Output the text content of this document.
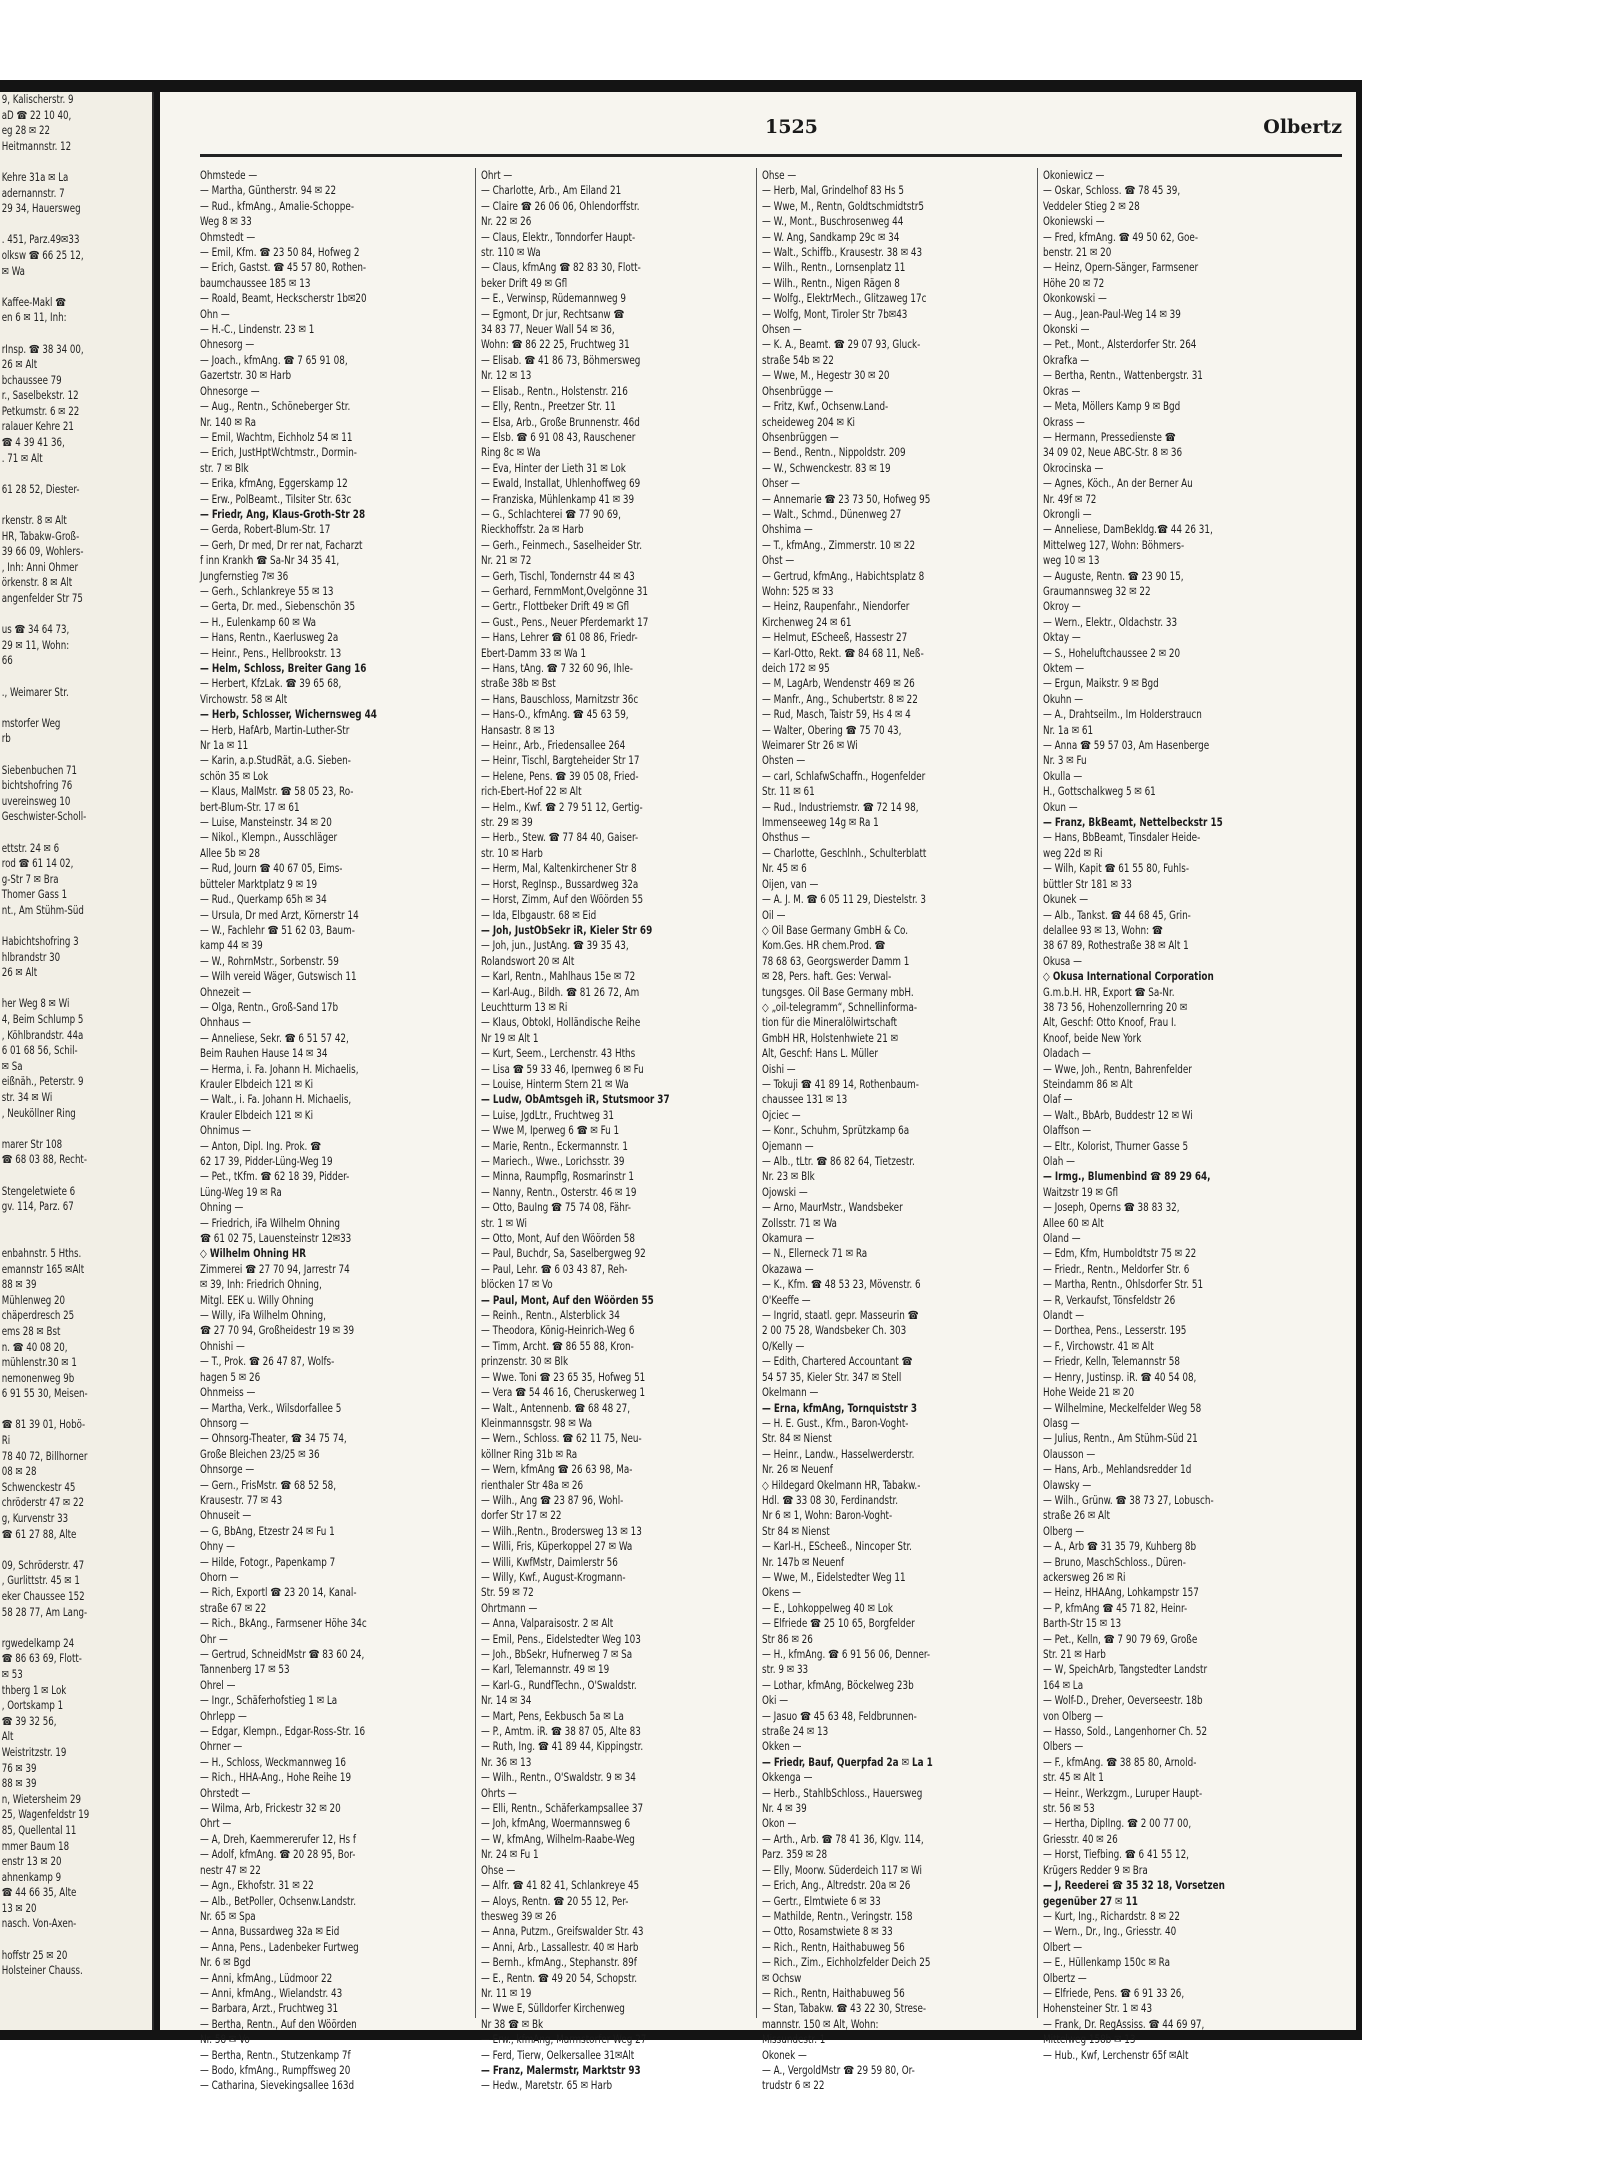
9, Kalischerstr. 9
aD ☎ 22 10 40,
eg 28 ✉ 22
Heitmannstr. 12

Kehre 31a ✉ La
adernannstr. 7
29 34, Hauersweg

. 451, Parz.49✉33
olksw ☎ 66 25 12,
✉ Wa

Kaffee-Makl ☎
en 6 ✉ 11, Inh:

rInsp. ☎ 38 34 00,
26 ✉ Alt
bchaussee 79
r., Saselbekstr. 12
Petkumstr. 6 ✉ 22
ralauer Kehre 21
☎ 4 39 41 36,
. 71 ✉ Alt

61 28 52, Diester-

rkenstr. 8 ✉ Alt
HR, Tabakw-Groß-
39 66 09, Wohlers-
, Inh: Anni Ohmer
örkenstr. 8 ✉ Alt
angenfelder Str 75

us ☎ 34 64 73,
29 ✉ 11, Wohn:
66

., Weimarer Str.

mstorfer Weg
rb

Siebenbuchen 71
bichtshofring 76
uvereinsweg 10
Geschwister-Scholl-

ettstr. 24 ✉ 6
rod ☎ 61 14 02,
g-Str 7 ✉ Bra
Thomer Gass 1
nt., Am Stühm-Süd

Habichtshofring 3
hlbrandstr 30
26 ✉ Alt

her Weg 8 ✉ Wi
4, Beim Schlump 5
, Köhlbrandstr. 44a
6 01 68 56, Schil-
✉ Sa
eißnäh., Peterstr. 9
str. 34 ✉ Wi
, Neuköllner Ring

marer Str 108
☎ 68 03 88, Recht-

Stengeletwiete 6
gv. 114, Parz. 67

enbahnstr. 5 Hths.
emannstr 165 ✉Alt
88 ✉ 39
Mühlenweg 20
chäperdresch 25
ems 28 ✉ Bst
n. ☎ 40 08 20,
mühlenstr.30 ✉ 1
nemonenweg 9b
6 91 55 30, Meisen-

☎ 81 39 01, Hobö-
Ri
78 40 72, Billhorner
08 ✉ 28
Schwenckestr 45
chröderstr 47 ✉ 22
g, Kurvenstr 33
☎ 61 27 88, Alte

09, Schröderstr. 47
, Gurlittstr. 45 ✉ 1
eker Chaussee 152
58 28 77, Am Lang-

rgwedelkamp 24
☎ 86 63 69, Flott-
✉ 53
thberg 1 ✉ Lok
, Oortskamp 1
☎ 39 32 56,
Alt
Weistritzstr. 19
76 ✉ 39
88 ✉ 39
n, Wietersheim 29
25, Wagenfeldstr 19
85, Quellental 11
mmer Baum 18
enstr 13 ✉ 20
ahnenkamp 9
☎ 44 66 35, Alte
13 ✉ 20
nasch. Von-Axen-

hoffstr 25 ✉ 20
Holsteiner Chauss.
1525	Olbertz
Ohmstede —
— Martha, Güntherstr. 94 ✉ 22
— Rud., kfmAng., Amalie-Schoppe-
Weg 8 ✉ 33
Ohmstedt —
— Emil, Kfm. ☎ 23 50 84, Hofweg 2
— Erich, Gastst. ☎ 45 57 80, Rothen-
baumchaussee 185 ✉ 13
— Roald, Beamt, Heckscherstr 1b✉20
Ohn —
— H.-C., Lindenstr. 23 ✉ 1
Ohnesorg —
— Joach., kfmAng. ☎ 7 65 91 08,
Gazertstr. 30 ✉ Harb
Ohnesorge —
— Aug., Rentn., Schöneberger Str.
Nr. 140 ✉ Ra
— Emil, Wachtm, Eichholz 54 ✉ 11
— Erich, JustHptWchtmstr., Dormin-
str. 7 ✉ Blk
— Erika, kfmAng, Eggerskamp 12
— Erw., PolBeamt., Tilsiter Str. 63c
— Friedr, Ang, Klaus-Groth-Str 28
— Gerda, Robert-Blum-Str. 17
— Gerh, Dr med, Dr rer nat, Facharzt
f inn Krankh ☎ Sa-Nr 34 35 41,
Jungfernstieg 7✉ 36
— Gerh., Schlankreye 55 ✉ 13
— Gerta, Dr. med., Siebenschön 35
— H., Eulenkamp 60 ✉ Wa
— Hans, Rentn., Kaerlusweg 2a
— Heinr., Pens., Hellbrookstr. 13
— Helm, Schloss, Breiter Gang 16
— Herbert, KfzLak. ☎ 39 65 68,
Virchowstr. 58 ✉ Alt
— Herb, Schlosser, Wichernsweg 44
— Herb, HafArb, Martin-Luther-Str
Nr 1a ✉ 11
— Karin, a.p.StudRät, a.G. Sieben-
schön 35 ✉ Lok
— Klaus, MalMstr. ☎ 58 05 23, Ro-
bert-Blum-Str. 17 ✉ 61
— Luise, Mansteinstr. 34 ✉ 20
— Nikol., Klempn., Ausschläger
Allee 5b ✉ 28
— Rud, Journ ☎ 40 67 05, Eims-
bütteler Marktplatz 9 ✉ 19
— Rud., Querkamp 65h ✉ 34
— Ursula, Dr med Arzt, Körnerstr 14
— W., Fachlehr ☎ 51 62 03, Baum-
kamp 44 ✉ 39
— W., RohrnMstr., Sorbenstr. 59
— Wilh vereid Wäger, Gutswisch 11
Ohnezeit —
— Olga, Rentn., Groß-Sand 17b
Ohnhaus —
— Anneliese, Sekr. ☎ 6 51 57 42,
Beim Rauhen Hause 14 ✉ 34
— Herma, i. Fa. Johann H. Michaelis,
Krauler Elbdeich 121 ✉ Ki
— Walt., i. Fa. Johann H. Michaelis,
Krauler Elbdeich 121 ✉ Ki
Ohnimus —
— Anton, Dipl. Ing. Prok. ☎
62 17 39, Pidder-Lüng-Weg 19
— Pet., tKfm. ☎ 62 18 39, Pidder-
Lüng-Weg 19 ✉ Ra
Ohning —
— Friedrich, iFa Wilhelm Ohning
☎ 61 02 75, Lauensteinstr 12✉33
◇ Wilhelm Ohning HR
Zimmerei ☎ 27 70 94, Jarrestr 74
✉ 39, Inh: Friedrich Ohning,
Mitgl. EEK u. Willy Ohning
— Willy, iFa Wilhelm Ohning,
☎ 27 70 94, Großheidestr 19 ✉ 39
Ohnishi —
— T., Prok. ☎ 26 47 87, Wolfs-
hagen 5 ✉ 26
Ohnmeiss —
— Martha, Verk., Wilsdorfallee 5
Ohnsorg —
— Ohnsorg-Theater, ☎ 34 75 74,
Große Bleichen 23/25 ✉ 36
Ohnsorge —
— Gern., FrisMstr. ☎ 68 52 58,
Krausestr. 77 ✉ 43
Ohnuseit —
— G, BbAng, Etzestr 24 ✉ Fu 1
Ohny —
— Hilde, Fotogr., Papenkamp 7
Ohorn —
— Rich, Exportl ☎ 23 20 14, Kanal-
straße 67 ✉ 22
— Rich., BkAng., Farmsener Höhe 34c
Ohr —
— Gertrud, SchneidMstr ☎ 83 60 24,
Tannenberg 17 ✉ 53
Ohrel —
— Ingr., Schäferhofstieg 1 ✉ La
Ohrlepp —
— Edgar, Klempn., Edgar-Ross-Str. 16
Ohrner —
— H., Schloss, Weckmannweg 16
— Rich., HHA-Ang., Hohe Reihe 19
Ohrstedt —
— Wilma, Arb, Frickestr 32 ✉ 20
Ohrt —
— A, Dreh, Kaemmererufer 12, Hs f
— Adolf, kfmAng. ☎ 20 28 95, Bor-
nestr 47 ✉ 22
— Agn., Ekhofstr. 31 ✉ 22
— Alb., BetPoller, Ochsenw.Landstr.
Nr. 65 ✉ Spa
— Anna, Bussardweg 32a ✉ Eid
— Anna, Pens., Ladenbeker Furtweg
Nr. 6 ✉ Bgd
— Anni, kfmAng., Lüdmoor 22
— Anni, kfmAng., Wielandstr. 43
— Barbara, Arzt., Fruchtweg 31
— Bertha, Rentn., Auf den Wöörden
Nr. 58 ✉ Vo
— Bertha, Rentn., Stutzenkamp 7f
— Bodo, kfmAng., Rumpffsweg 20
— Catharina, Sievekingsallee 163d
Ohrt —
— Charlotte, Arb., Am Eiland 21
— Claire ☎ 26 06 06, Ohlendorffstr.
Nr. 22 ✉ 26
— Claus, Elektr., Tonndorfer Haupt-
str. 110 ✉ Wa
— Claus, kfmAng ☎ 82 83 30, Flott-
beker Drift 49 ✉ Gfl
— E., Verwinsp, Rüdemannweg 9
— Egmont, Dr jur, Rechtsanw ☎
34 83 77, Neuer Wall 54 ✉ 36,
Wohn: ☎ 86 22 25, Fruchtweg 31
— Elisab. ☎ 41 86 73, Böhmersweg
Nr. 12 ✉ 13
— Elisab., Rentn., Holstenstr. 216
— Elly, Rentn., Preetzer Str. 11
— Elsa, Arb., Große Brunnenstr. 46d
— Elsb. ☎ 6 91 08 43, Rauschener
Ring 8c ✉ Wa
— Eva, Hinter der Lieth 31 ✉ Lok
— Ewald, Installat, Uhlenhoffweg 69
— Franziska, Mühlenkamp 41 ✉ 39
— G., Schlachterei ☎ 77 90 69,
Rieckhoffstr. 2a ✉ Harb
— Gerh., Feinmech., Saselheider Str.
Nr. 21 ✉ 72
— Gerh, Tischl, Tondernstr 44 ✉ 43
— Gerhard, FernmMont,Ovelgönne 31
— Gertr., Flottbeker Drift 49 ✉ Gfl
— Gust., Pens., Neuer Pferdemarkt 17
— Hans, Lehrer ☎ 61 08 86, Friedr-
Ebert-Damm 33 ✉ Wa 1
— Hans, tAng. ☎ 7 32 60 96, Ihle-
straße 38b ✉ Bst
— Hans, Bauschloss, Marnitzstr 36c
— Hans-O., kfmAng. ☎ 45 63 59,
Hansastr. 8 ✉ 13
— Heinr., Arb., Friedensallee 264
— Heinr, Tischl, Bargteheider Str 17
— Helene, Pens. ☎ 39 05 08, Fried-
rich-Ebert-Hof 22 ✉ Alt
— Helm., Kwf. ☎ 2 79 51 12, Gertig-
str. 29 ✉ 39
— Herb., Stew. ☎ 77 84 40, Gaiser-
str. 10 ✉ Harb
— Herm, Mal, Kaltenkirchener Str 8
— Horst, RegInsp., Bussardweg 32a
— Horst, Zimm, Auf den Wöörden 55
— Ida, Elbgaustr. 68 ✉ Eid
— Joh, JustObSekr iR, Kieler Str 69
— Joh, jun., JustAng. ☎ 39 35 43,
Rolandswort 20 ✉ Alt
— Karl, Rentn., Mahlhaus 15e ✉ 72
— Karl-Aug., Bildh. ☎ 81 26 72, Am
Leuchtturm 13 ✉ Ri
— Klaus, Obtokl, Holländische Reihe
Nr 19 ✉ Alt 1
— Kurt, Seem., Lerchenstr. 43 Hths
— Lisa ☎ 59 33 46, Ipernweg 6 ✉ Fu
— Louise, Hinterm Stern 21 ✉ Wa
— Ludw, ObAmtsgeh iR, Stutsmoor 37
— Luise, JgdLtr., Fruchtweg 31
— Wwe M, Iperweg 6 ☎ ✉ Fu 1
— Marie, Rentn., Eckermannstr. 1
— Mariech., Wwe., Lorichsstr. 39
— Minna, Raumpflg, Rosmarinstr 1
— Nanny, Rentn., Osterstr. 46 ✉ 19
— Otto, BauIng ☎ 75 74 08, Fähr-
str. 1 ✉ Wi
— Otto, Mont, Auf den Wöörden 58
— Paul, Buchdr, Sa, Saselbergweg 92
— Paul, Lehr. ☎ 6 03 43 87, Reh-
blöcken 17 ✉ Vo
— Paul, Mont, Auf den Wöörden 55
— Reinh., Rentn., Alsterblick 34
— Theodora, König-Heinrich-Weg 6
— Timm, Archt. ☎ 86 55 88, Kron-
prinzenstr. 30 ✉ Blk
— Wwe. Toni ☎ 23 65 35, Hofweg 51
— Vera ☎ 54 46 16, Cheruskerweg 1
— Walt., Antennenb. ☎ 68 48 27,
Kleinmannsgstr. 98 ✉ Wa
— Wern., Schloss. ☎ 62 11 75, Neu-
köllner Ring 31b ✉ Ra
— Wern, kfmAng ☎ 26 63 98, Ma-
rienthaler Str 48a ✉ 26
— Wilh., Ang ☎ 23 87 96, Wohl-
dorfer Str 17 ✉ 22
— Wilh.,Rentn., Brodersweg 13 ✉ 13
— Willi, Fris, Küperkoppel 27 ✉ Wa
— Willi, KwfMstr, Daimlerstr 56
— Willy, Kwf., August-Krogmann-
Str. 59 ✉ 72
Ohrtmann —
— Anna, Valparaisostr. 2 ✉ Alt
— Emil, Pens., Eidelstedter Weg 103
— Joh., BbSekr, Hufnerweg 7 ✉ Sa
— Karl, Telemannstr. 49 ✉ 19
— Karl-G., RundfTechn., O'Swaldstr.
Nr. 14 ✉ 34
— Mart, Pens, Eekbusch 5a ✉ La
— P., Amtm. iR. ☎ 38 87 05, Alte 83
— Ruth, Ing. ☎ 41 89 44, Kippingstr.
Nr. 36 ✉ 13
— Wilh., Rentn., O'Swaldstr. 9 ✉ 34
Ohrts —
— Elli, Rentn., Schäferkampsallee 37
— Joh, kfmAng, Woermannsweg 6
— W, kfmAng, Wilhelm-Raabe-Weg
Nr. 24 ✉ Fu 1
Ohse —
— Alfr. ☎ 41 82 41, Schlankreye 45
— Aloys, Rentn. ☎ 20 55 12, Per-
thesweg 39 ✉ 26
— Anna, Putzm., Greifswalder Str. 43
— Anni, Arb., Lassallestr. 40 ✉ Harb
— Bernh., kfmAng., Stephanstr. 89f
— E., Rentn. ☎ 49 20 54, Schopstr.
Nr. 11 ✉ 19
— Wwe E, Sülldorfer Kirchenweg
Nr 38 ☎ ✉ Bk
— Erw., kfmAng, Marmstorfer Weg 27
— Ferd, Tierw, Oelkersallee 31✉Alt
— Franz, Malermstr, Marktstr 93
— Hedw., Maretstr. 65 ✉ Harb
Ohse —
— Herb, Mal, Grindelhof 83 Hs 5
— Wwe, M., Rentn, Goldtschmidtstr5
— W., Mont., Buschrosenweg 44
— W. Ang, Sandkamp 29c ✉ 34
— Walt., Schiffb., Krausestr. 38 ✉ 43
— Wilh., Rentn., Lornsenplatz 11
— Wilh., Rentn., Nigen Rägen 8
— Wolfg., ElektrMech., Glitzaweg 17c
— Wolfg, Mont, Tiroler Str 7b✉43
Ohsen —
— K. A., Beamt. ☎ 29 07 93, Gluck-
straße 54b ✉ 22
— Wwe, M., Hegestr 30 ✉ 20
Ohsenbrügge —
— Fritz, Kwf., Ochsenw.Land-
scheideweg 204 ✉ Ki
Ohsenbrüggen —
— Bend., Rentn., Nippoldstr. 209
— W., Schwenckestr. 83 ✉ 19
Ohser —
— Annemarie ☎ 23 73 50, Hofweg 95
— Walt., Schmd., Dünenweg 27
Ohshima —
— T., kfmAng., Zimmerstr. 10 ✉ 22
Ohst —
— Gertrud, kfmAng., Habichtsplatz 8
Wohn: 525 ✉ 33
— Heinz, Raupenfahr., Niendorfer
Kirchenweg 24 ✉ 61
— Helmut, EScheeß, Hassestr 27
— Karl-Otto, Rekt. ☎ 84 68 11, Neß-
deich 172 ✉ 95
— M, LagArb, Wendenstr 469 ✉ 26
— Manfr., Ang., Schubertstr. 8 ✉ 22
— Rud, Masch, Taistr 59, Hs 4 ✉ 4
— Walter, Obering ☎ 75 70 43,
Weimarer Str 26 ✉ Wi
Ohsten —
— carl, SchlafwSchaffn., Hogenfelder
Str. 11 ✉ 61
— Rud., Industriemstr. ☎ 72 14 98,
Immenseeweg 14g ✉ Ra 1
Ohsthus —
— Charlotte, Geschlnh., Schulterblatt
Nr. 45 ✉ 6
Oijen, van —
— A. J. M. ☎ 6 05 11 29, Diestelstr. 3
Oil —
◇ Oil Base Germany GmbH & Co.
Kom.Ges. HR chem.Prod. ☎
78 68 63, Georgswerder Damm 1
✉ 28, Pers. haft. Ges: Verwal-
tungsges. Oil Base Germany mbH.
◇ „oil-telegramm“, Schnellinforma-
tion für die Mineralölwirtschaft
GmbH HR, Holstenhwiete 21 ✉
Alt, Geschf: Hans L. Müller
Oishi —
— Tokuji ☎ 41 89 14, Rothenbaum-
chaussee 131 ✉ 13
Ojciec —
— Konr., Schuhm, Sprützkamp 6a
Ojemann —
— Alb., tLtr. ☎ 86 82 64, Tietzestr.
Nr. 23 ✉ Blk
Ojowski —
— Arno, MaurMstr., Wandsbeker
Zollsstr. 71 ✉ Wa
Okamura —
— N., Ellerneck 71 ✉ Ra
Okazawa —
— K., Kfm. ☎ 48 53 23, Mövenstr. 6
O'Keeffe —
— Ingrid, staatl. gepr. Masseurin ☎
2 00 75 28, Wandsbeker Ch. 303
O/Kelly —
— Edith, Chartered Accountant ☎
54 57 35, Kieler Str. 347 ✉ Stell
Okelmann —
— Erna, kfmAng, Tornquiststr 3
— H. E. Gust., Kfm., Baron-Voght-
Str. 84 ✉ Nienst
— Heinr., Landw., Hasselwerderstr.
Nr. 26 ✉ Neuenf
◇ Hildegard Okelmann HR, Tabakw.-
Hdl. ☎ 33 08 30, Ferdinandstr.
Nr 6 ✉ 1, Wohn: Baron-Voght-
Str 84 ✉ Nienst
— Karl-H., EScheeß., Nincoper Str.
Nr. 147b ✉ Neuenf
— Wwe, M., Eidelstedter Weg 11
Okens —
— E., Lohkoppelweg 40 ✉ Lok
— Elfriede ☎ 25 10 65, Borgfelder
Str 86 ✉ 26
— H., kfmAng. ☎ 6 91 56 06, Denner-
str. 9 ✉ 33
— Lothar, kfmAng, Böckelweg 23b
Oki —
— Jasuo ☎ 45 63 48, Feldbrunnen-
straße 24 ✉ 13
Okken —
— Friedr, Bauf, Querpfad 2a ✉ La 1
Okkenga —
— Herb., StahlbSchloss., Hauersweg
Nr. 4 ✉ 39
Okon —
— Arth., Arb. ☎ 78 41 36, Klgv. 114,
Parz. 359 ✉ 28
— Elly, Moorw. Süderdeich 117 ✉ Wi
— Erich, Ang., Altredstr. 20a ✉ 26
— Gertr., Elmtwiete 6 ✉ 33
— Mathilde, Rentn., Veringstr. 158
— Otto, Rosamstwiete 8 ✉ 33
— Rich., Rentn, Haithabuweg 56
— Rich., Zim., Eichholzfelder Deich 25
✉ Ochsw
— Rich., Rentn, Haithabuweg 56
— Stan, Tabakw. ☎ 43 22 30, Strese-
mannstr. 150 ✉ Alt, Wohn:
Missundestr. 1
Okonek —
— A., VergoldMstr ☎ 29 59 80, Or-
trudstr 6 ✉ 22
Okoniewicz —
— Oskar, Schloss. ☎ 78 45 39,
Veddeler Stieg 2 ✉ 28
Okoniewski —
— Fred, kfmAng. ☎ 49 50 62, Goe-
benstr. 21 ✉ 20
— Heinz, Opern-Sänger, Farmsener
Höhe 20 ✉ 72
Okonkowski —
— Aug., Jean-Paul-Weg 14 ✉ 39
Okonski —
— Pet., Mont., Alsterdorfer Str. 264
Okrafka —
— Bertha, Rentn., Wattenbergstr. 31
Okras —
— Meta, Möllers Kamp 9 ✉ Bgd
Okrass —
— Hermann, Pressedienste ☎
34 09 02, Neue ABC-Str. 8 ✉ 36
Okrocinska —
— Agnes, Köch., An der Berner Au
Nr. 49f ✉ 72
Okrongli —
— Anneliese, DamBekldg.☎ 44 26 31,
Mittelweg 127, Wohn: Böhmers-
weg 10 ✉ 13
— Auguste, Rentn. ☎ 23 90 15,
Graumannsweg 32 ✉ 22
Okroy —
— Wern., Elektr., Oldachstr. 33
Oktay —
— S., Hoheluftchaussee 2 ✉ 20
Oktem —
— Ergun, Maikstr. 9 ✉ Bgd
Okuhn —
— A., Drahtseilm., Im Holderstraucn
Nr. 1a ✉ 61
— Anna ☎ 59 57 03, Am Hasenberge
Nr. 3 ✉ Fu
Okulla —
H., Gottschalkweg 5 ✉ 61
Okun —
— Franz, BkBeamt, Nettelbeckstr 15
— Hans, BbBeamt, Tinsdaler Heide-
weg 22d ✉ Ri
— Wilh, Kapit ☎ 61 55 80, Fuhls-
büttler Str 181 ✉ 33
Okunek —
— Alb., Tankst. ☎ 44 68 45, Grin-
delallee 93 ✉ 13, Wohn: ☎
38 67 89, Rothestraße 38 ✉ Alt 1
Okusa —
◇ Okusa International Corporation
G.m.b.H. HR, Export ☎ Sa-Nr.
38 73 56, Hohenzollernring 20 ✉
Alt, Geschf: Otto Knoof, Frau I.
Knoof, beide New York
Oladach —
— Wwe, Joh., Rentn, Bahrenfelder
Steindamm 86 ✉ Alt
Olaf —
— Walt., BbArb, Buddestr 12 ✉ Wi
Olaffson —
— Eltr., Kolorist, Thurner Gasse 5
Olah —
— Irmg., Blumenbind ☎ 89 29 64,
Waitzstr 19 ✉ Gfl
— Joseph, Operns ☎ 38 83 32,
Allee 60 ✉ Alt
Oland —
— Edm, Kfm, Humboldtstr 75 ✉ 22
— Friedr., Rentn., Meldorfer Str. 6
— Martha, Rentn., Ohlsdorfer Str. 51
— R, Verkaufst, Tönsfeldstr 26
Olandt —
— Dorthea, Pens., Lesserstr. 195
— F., Virchowstr. 41 ✉ Alt
— Friedr, Kelln, Telemannstr 58
— Henry, Justinsp. iR. ☎ 40 54 08,
Hohe Weide 21 ✉ 20
— Wilhelmine, Meckelfelder Weg 58
Olasg —
— Julius, Rentn., Am Stühm-Süd 21
Olausson —
— Hans, Arb., Mehlandsredder 1d
Olawsky —
— Wilh., Grünw. ☎ 38 73 27, Lobusch-
straße 26 ✉ Alt
Olberg —
— A., Arb ☎ 31 35 79, Kuhberg 8b
— Bruno, MaschSchloss., Düren-
ackersweg 26 ✉ Ri
— Heinz, HHAAng, Lohkampstr 157
— P, kfmAng ☎ 45 71 82, Heinr-
Barth-Str 15 ✉ 13
— Pet., Kelln, ☎ 7 90 79 69, Große
Str. 21 ✉ Harb
— W, SpeichArb, Tangstedter Landstr
164 ✉ La
— Wolf-D., Dreher, Oeverseestr. 18b
von Olberg —
— Hasso, Sold., Langenhorner Ch. 52
Olbers —
— F., kfmAng. ☎ 38 85 80, Arnold-
str. 45 ✉ Alt 1
— Heinr., Werkzgm., Luruper Haupt-
str. 56 ✉ 53
— Hertha, DiplIng. ☎ 2 00 77 00,
Griesstr. 40 ✉ 26
— Horst, Tiefbing. ☎ 6 41 55 12,
Krügers Redder 9 ✉ Bra
— J, Reederei ☎ 35 32 18, Vorsetzen
gegenüber 27 ✉ 11
— Kurt, Ing., Richardstr. 8 ✉ 22
— Wern., Dr., Ing., Griesstr. 40
Olbert —
— E., Hüllenkamp 150c ✉ Ra
Olbertz —
— Elfriede, Pens. ☎ 6 91 33 26,
Hohensteiner Str. 1 ✉ 43
— Frank, Dr. RegAssiss. ☎ 44 69 97,
Mittelweg 158b ✉ 13
— Hub., Kwf, Lerchenstr 65f ✉Alt
